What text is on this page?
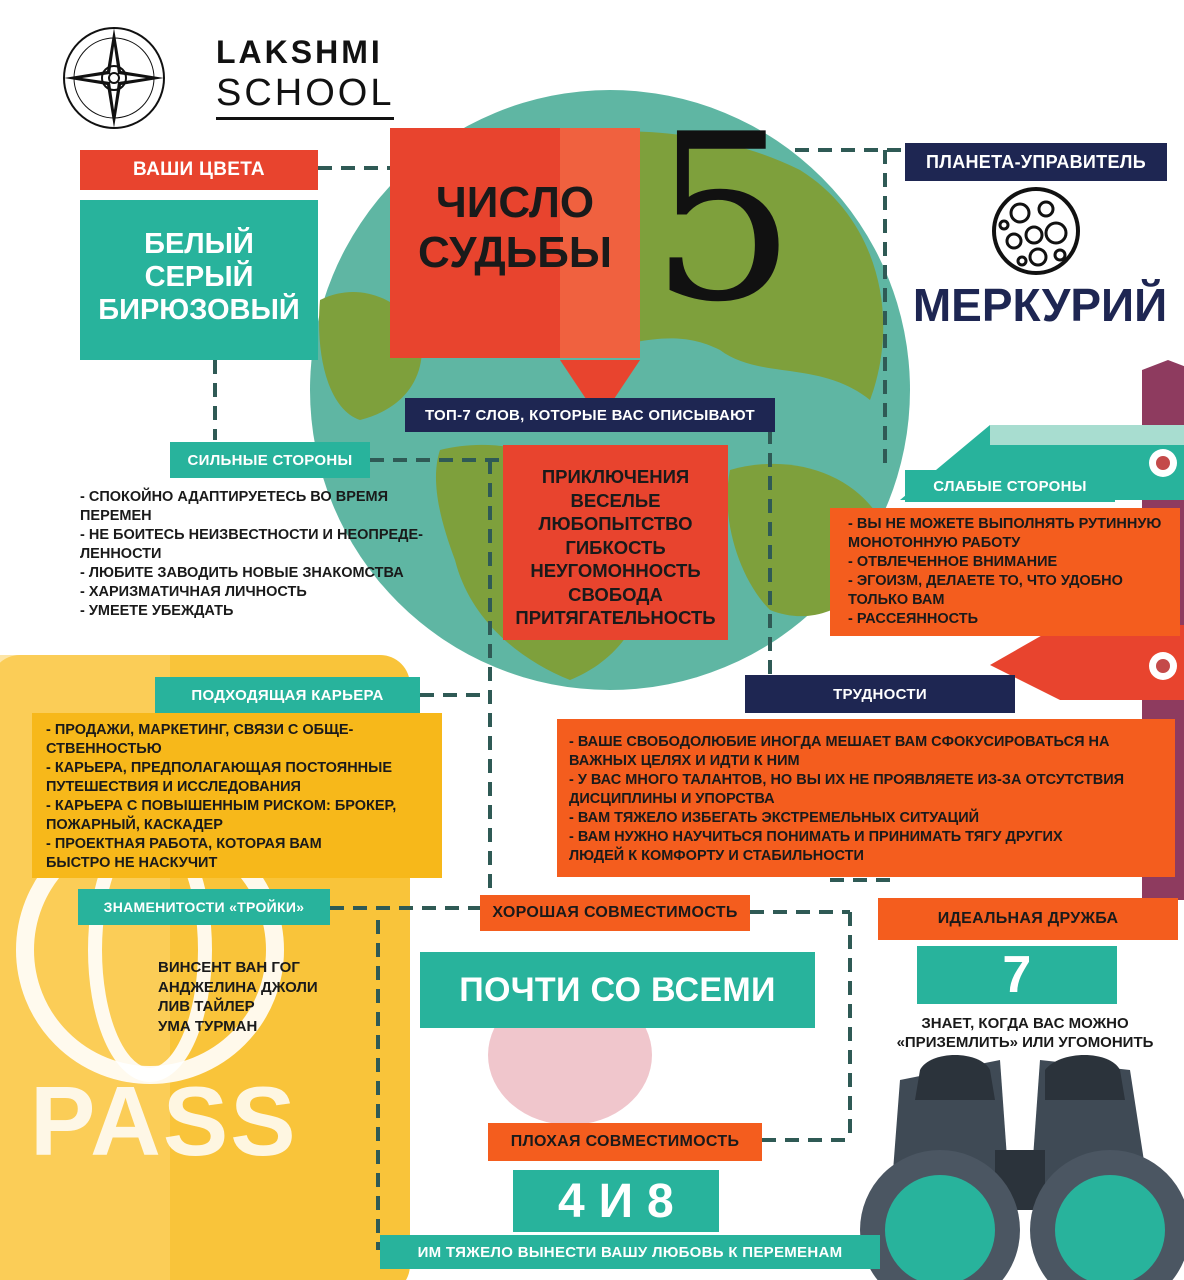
LAKSHMI
SCHOOL
ЧИСЛО
СУДЬБЫ 5
ВАШИ ЦВЕТА
БЕЛЫЙ
СЕРЫЙ
БИРЮЗОВЫЙ
ПЛАНЕТА-УПРАВИТЕЛЬ
МЕРКУРИЙ
ТОП-7 СЛОВ, КОТОРЫЕ ВАС ОПИСЫВАЮТ
ПРИКЛЮЧЕНИЯ
ВЕСЕЛЬЕ
ЛЮБОПЫТСТВО
ГИБКОСТЬ
НЕУГОМОННОСТЬ
СВОБОДА
ПРИТЯГАТЕЛЬНОСТЬ
СИЛЬНЫЕ СТОРОНЫ
- СПОКОЙНО АДАПТИРУЕТЕСЬ ВО ВРЕМЯ
ПЕРЕМЕН
- НЕ БОИТЕСЬ НЕИЗВЕСТНОСТИ И НЕОПРЕДЕ-
ЛЕННОСТИ
- ЛЮБИТЕ ЗАВОДИТЬ НОВЫЕ ЗНАКОМСТВА
- ХАРИЗМАТИЧНАЯ ЛИЧНОСТЬ
- УМЕЕТЕ УБЕЖДАТЬ
СЛАБЫЕ СТОРОНЫ
- ВЫ НЕ МОЖЕТЕ ВЫПОЛНЯТЬ РУТИННУЮ
МОНОТОННУЮ РАБОТУ
- ОТВЛЕЧЕННОЕ ВНИМАНИЕ
- ЭГОИЗМ, ДЕЛАЕТЕ ТО, ЧТО УДОБНО
ТОЛЬКО ВАМ
- РАССЕЯННОСТЬ
ПОДХОДЯЩАЯ КАРЬЕРА
- ПРОДАЖИ, МАРКЕТИНГ, СВЯЗИ С ОБЩЕ-
СТВЕННОСТЬЮ
- КАРЬЕРА, ПРЕДПОЛАГАЮЩАЯ ПОСТОЯННЫЕ
ПУТЕШЕСТВИЯ И ИССЛЕДОВАНИЯ
- КАРЬЕРА С ПОВЫШЕННЫМ РИСКОМ: БРОКЕР,
ПОЖАРНЫЙ, КАСКАДЕР
- ПРОЕКТНАЯ РАБОТА, КОТОРАЯ ВАМ
БЫСТРО НЕ НАСКУЧИТ
ТРУДНОСТИ
- ВАШЕ СВОБОДОЛЮБИЕ ИНОГДА МЕШАЕТ ВАМ СФОКУСИРОВАТЬСЯ НА
ВАЖНЫХ ЦЕЛЯХ И ИДТИ К НИМ
- У ВАС МНОГО ТАЛАНТОВ, НО ВЫ ИХ НЕ ПРОЯВЛЯЕТЕ ИЗ-ЗА ОТСУТСТВИЯ
ДИСЦИПЛИНЫ И УПОРСТВА
- ВАМ ТЯЖЕЛО ИЗБЕГАТЬ ЭКСТРЕМЕЛЬНЫХ СИТУАЦИЙ
- ВАМ НУЖНО НАУЧИТЬСЯ ПОНИМАТЬ И ПРИНИМАТЬ ТЯГУ ДРУГИХ
ЛЮДЕЙ К КОМФОРТУ И СТАБИЛЬНОСТИ
ЗНАМЕНИТОСТИ «ТРОЙКИ»
ВИНСЕНТ ВАН ГОГ
АНДЖЕЛИНА ДЖОЛИ
ЛИВ ТАЙЛЕР
УМА ТУРМАН
PASS
ХОРОШАЯ СОВМЕСТИМОСТЬ
ПОЧТИ СО ВСЕМИ
ИДЕАЛЬНАЯ ДРУЖБА
7
ЗНАЕТ, КОГДА ВАС МОЖНО
«ПРИЗЕМЛИТЬ» ИЛИ УГОМОНИТЬ
ПЛОХАЯ СОВМЕСТИМОСТЬ
4 И 8
ИМ ТЯЖЕЛО ВЫНЕСТИ ВАШУ ЛЮБОВЬ К ПЕРЕМЕНАМ
